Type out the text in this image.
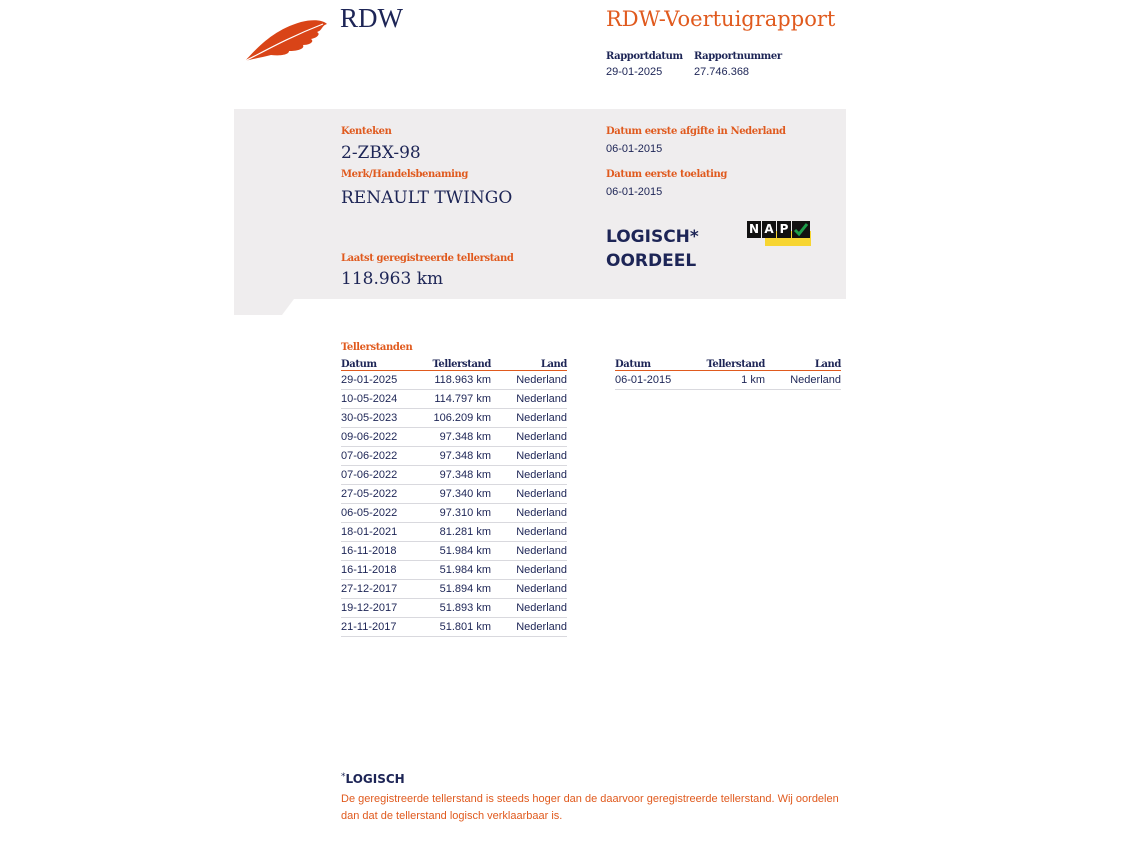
RDW	RDW-Voertuigrapport
Rapportdatum
29-01-2025
Rapportnummer
27.746.368
Kenteken
2-ZBX-98
Merk/Handelsbenaming
RENAULT TWINGO
Datum eerste afgifte in Nederland
06-01-2015
Datum eerste toelating
06-01-2015
LOGISCH*
OORDEEL
N A P
Laatst geregistreerde tellerstand
118.963 km
Tellerstanden
Datum	Tellerstand	Land
29-01-2025	118.963 km	Nederland
10-05-2024	114.797 km	Nederland
30-05-2023	106.209 km	Nederland
09-06-2022	97.348 km	Nederland
07-06-2022	97.348 km	Nederland
07-06-2022	97.348 km	Nederland
27-05-2022	97.340 km	Nederland
06-05-2022	97.310 km	Nederland
18-01-2021	81.281 km	Nederland
16-11-2018	51.984 km	Nederland
16-11-2018	51.984 km	Nederland
27-12-2017	51.894 km	Nederland
19-12-2017	51.893 km	Nederland
21-11-2017	51.801 km	Nederland
Datum	Tellerstand	Land
06-01-2015	1 km	Nederland
*LOGISCH
De geregistreerde tellerstand is steeds hoger dan de daarvoor geregistreerde tellerstand. Wij oordelen dan dat de tellerstand logisch verklaarbaar is.
